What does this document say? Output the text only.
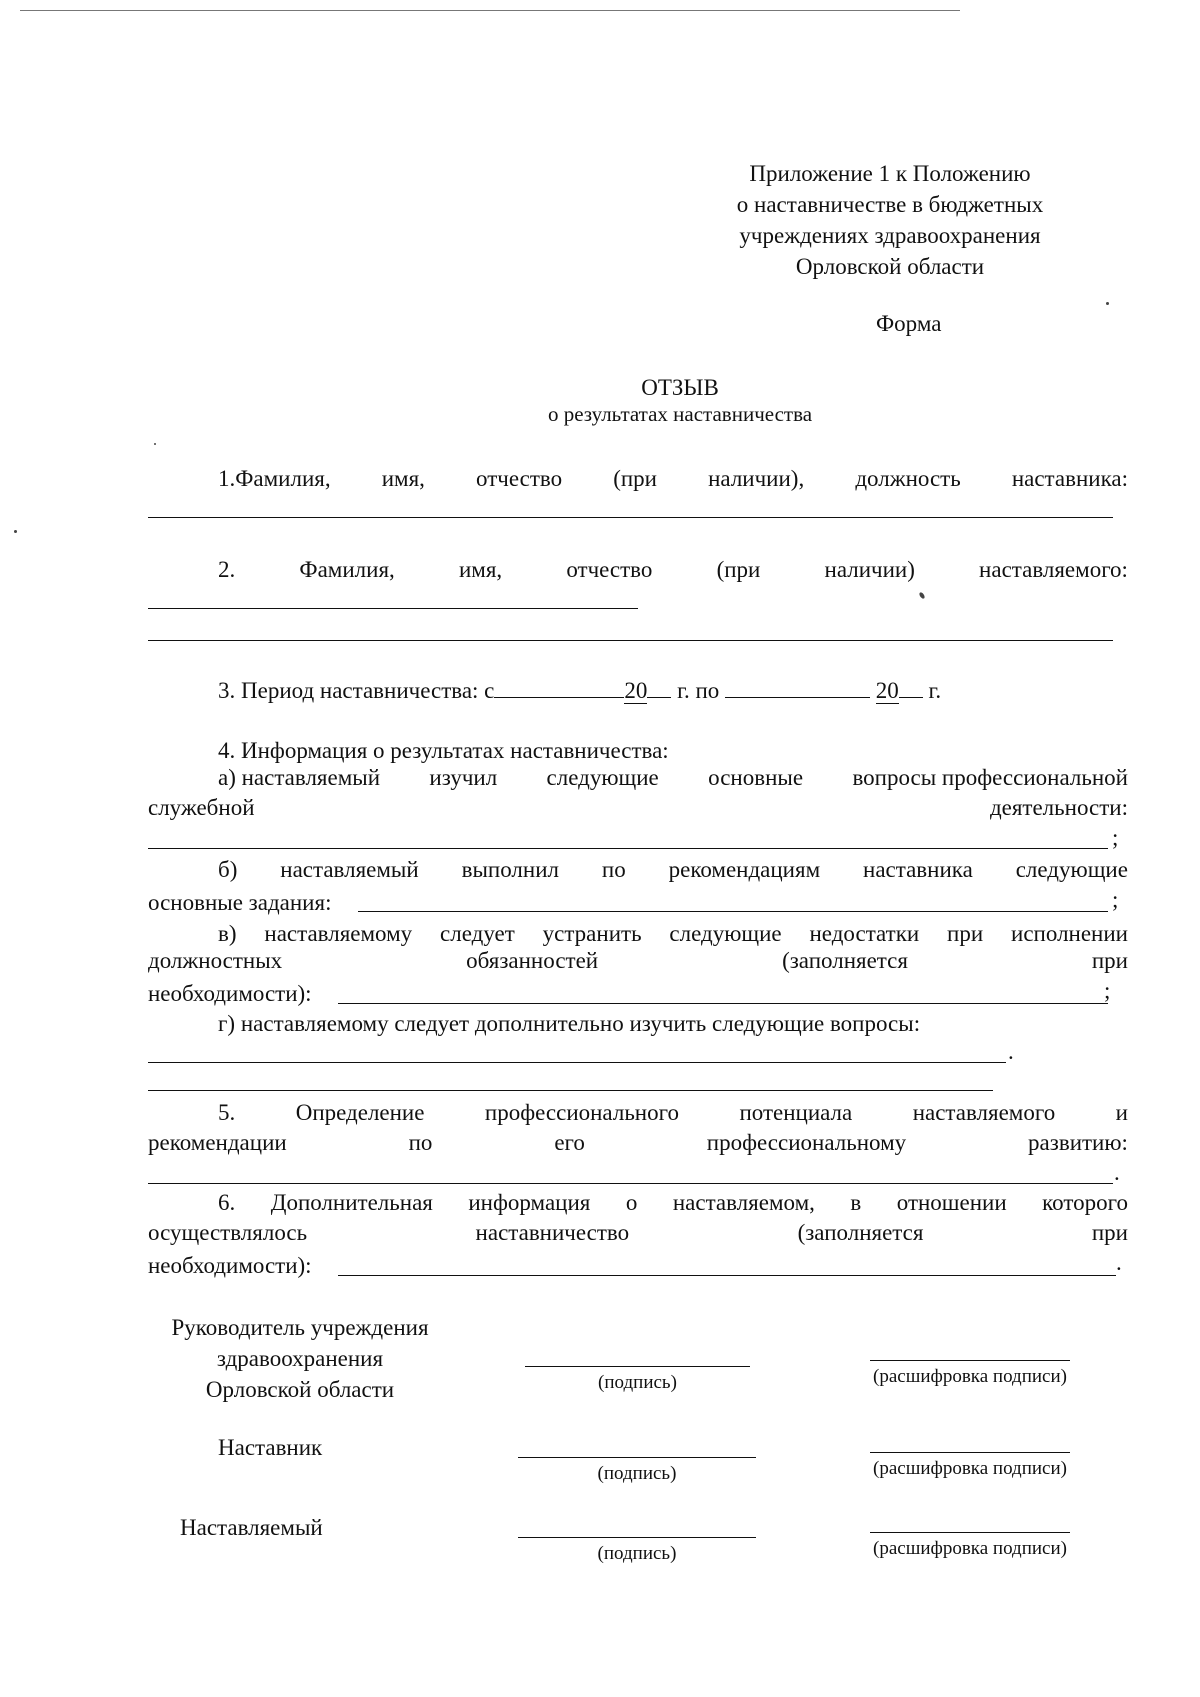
Приложение 1 к Положению
о наставничестве в бюджетных
учреждениях здравоохранения
Орловской области
Форма
ОТЗЫВ
о результатах наставничества
1.Фамилия, имя, отчество (при наличии), должность наставника:
2.	Фамилия,	имя,	отчество	(при	наличии)	наставляемого:
3. Период наставничества: с	20 г. по	20 г.
4. Информация о результатах наставничества:
а) наставляемый изучил следующие основные вопросы профессиональной
служебной	деятельности:
;
б) наставляемый выполнил по рекомендациям наставника следующие
основные задания:	;
в) наставляемому следует устранить следующие недостатки при исполнении
должностных	обязанностей	(заполняется	при
необходимости):	;
г) наставляемому следует дополнительно изучить следующие вопросы:
.
5.	Определение	профессионального	потенциала	наставляемого	и
рекомендации	по	его	профессиональному	развитию:
.
6. Дополнительная информация о наставляемом, в отношении которого
осуществлялось	наставничество	(заполняется	при
необходимости):	.
Руководитель учреждения
здравоохранения
Орловской области	(подпись)	(расшифровка подписи)
Наставник
(подпись)	(расшифровка подписи)
Наставляемый
(подпись)	(расшифровка подписи)
